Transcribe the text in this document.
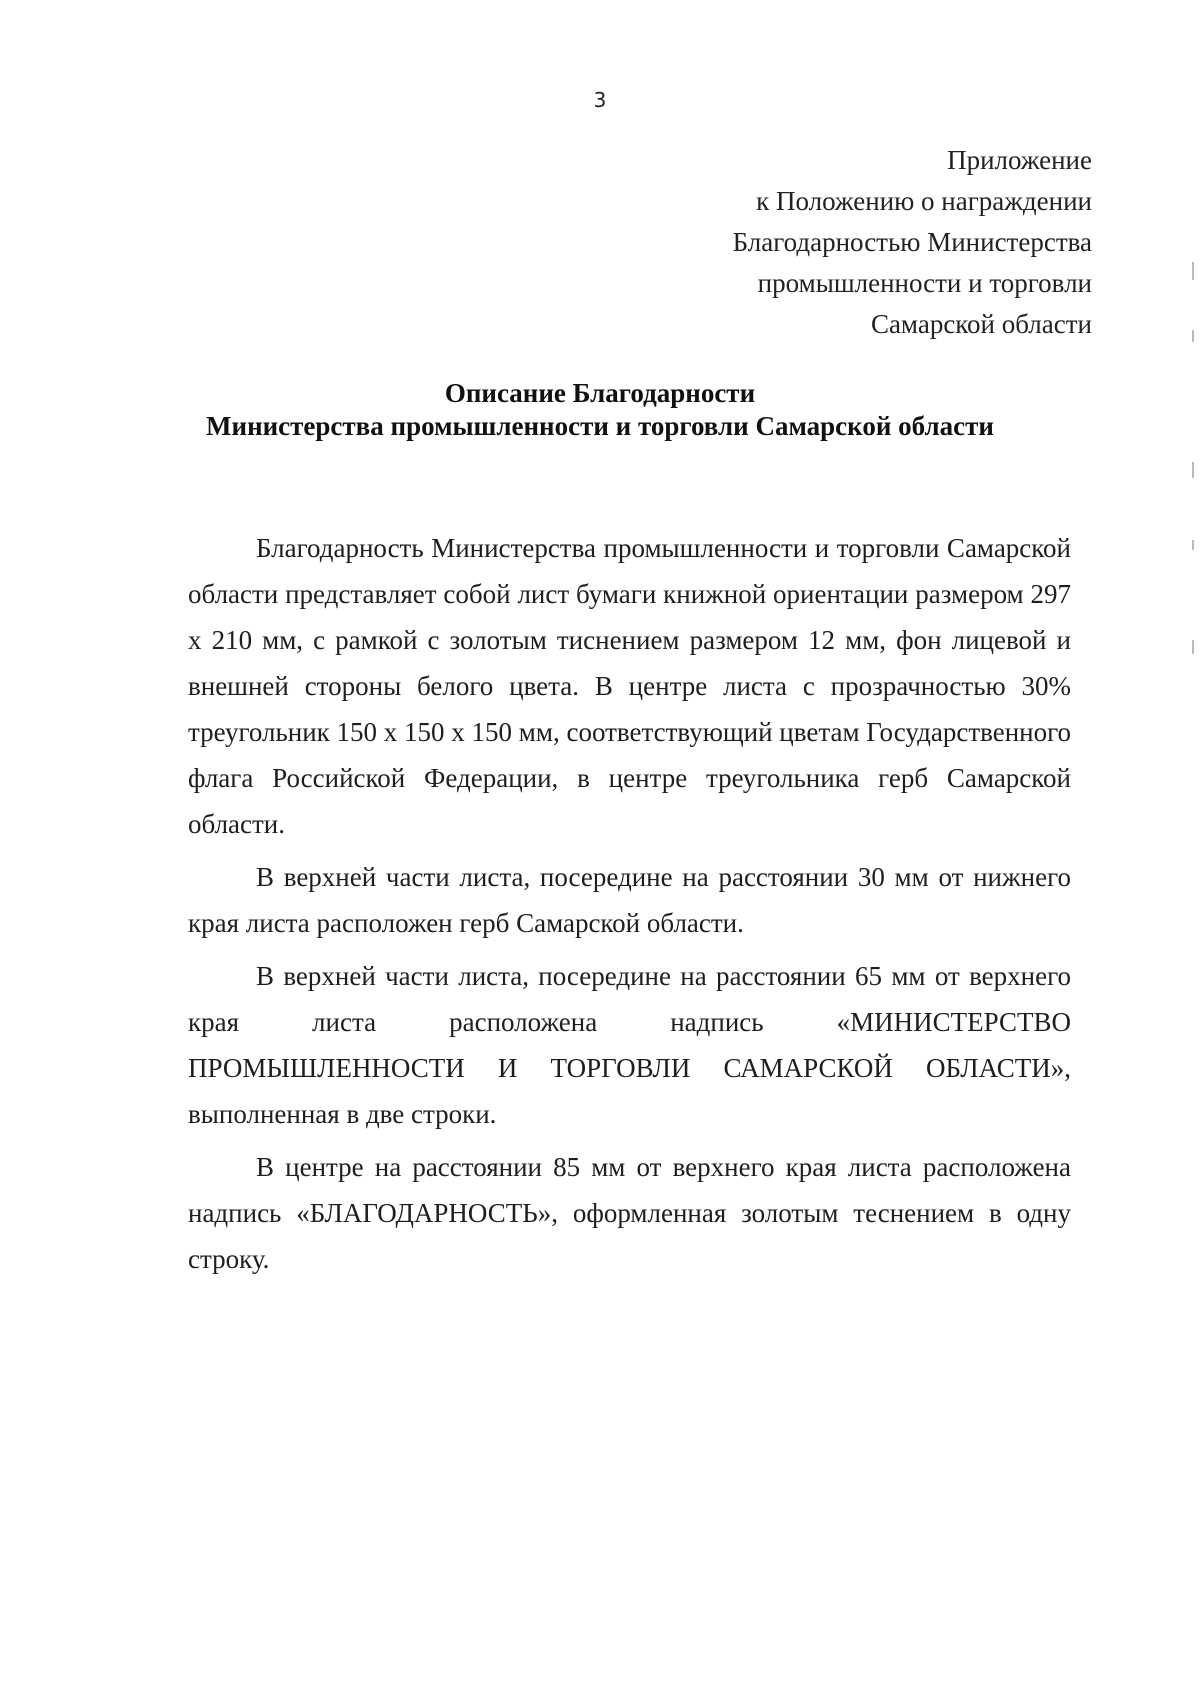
3
Приложение
к Положению о награждении
Благодарностью Министерства
промышленности и торговли
Самарской области
Описание Благодарности
Министерства промышленности и торговли Самарской области

Благодарность Министерства промышленности и торговли Самарской области представляет собой лист бумаги книжной ориентации размером 297 х 210 мм, с рамкой с золотым тиснением размером 12 мм, фон лицевой и внешней стороны белого цвета. В центре листа с прозрачностью 30% треугольник 150 х 150 х 150 мм, соответствующий цветам Государственного флага Российской Федерации, в центре треугольника герб Самарской области.

В верхней части листа, посередине на расстоянии 30 мм от нижнего края листа расположен герб Самарской области.

В верхней части листа, посередине на расстоянии 65 мм от верхнего края листа расположена надпись «МИНИСТЕРСТВО ПРОМЫШЛЕННОСТИ И ТОРГОВЛИ САМАРСКОЙ ОБЛАСТИ», выполненная в две строки.

В центре на расстоянии 85 мм от верхнего края листа расположена надпись «БЛАГОДАРНОСТЬ», оформленная золотым теснением в одну строку.
